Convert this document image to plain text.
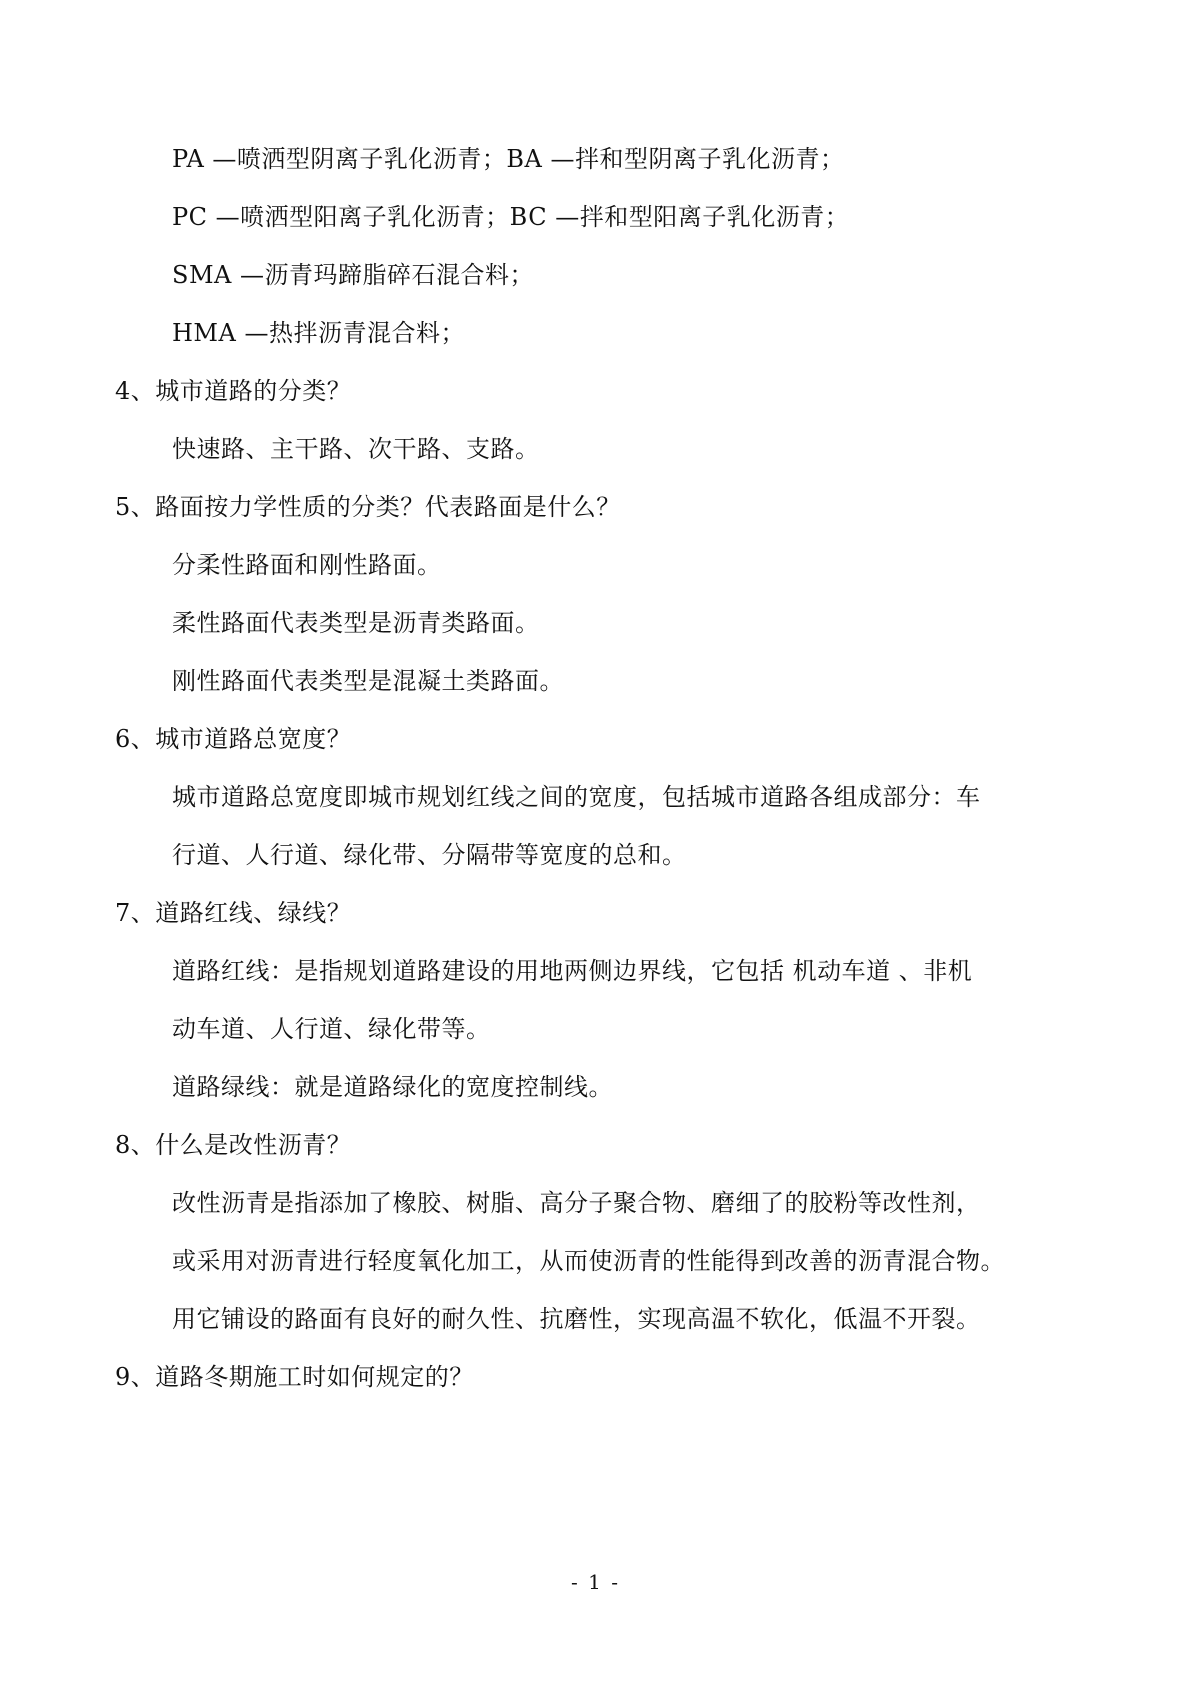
PA —喷洒型阴离子乳化沥青；BA —拌和型阴离子乳化沥青；
PC —喷洒型阳离子乳化沥青；BC —拌和型阳离子乳化沥青；
SMA —沥青玛蹄脂碎石混合料；
HMA —热拌沥青混合料；
4、城市道路的分类？
快速路、主干路、次干路、支路。
5、路面按力学性质的分类？代表路面是什么？
分柔性路面和刚性路面。
柔性路面代表类型是沥青类路面。
刚性路面代表类型是混凝土类路面。
6、城市道路总宽度？
城市道路总宽度即城市规划红线之间的宽度，包括城市道路各组成部分：车
行道、人行道、绿化带、分隔带等宽度的总和。
7、道路红线、绿线？
道路红线：是指规划道路建设的用地两侧边界线，它包括 机动车道 、非机
动车道、人行道、绿化带等。
道路绿线：就是道路绿化的宽度控制线。
8、什么是改性沥青？
改性沥青是指添加了橡胶、树脂、高分子聚合物、磨细了的胶粉等改性剂，
或采用对沥青进行轻度氧化加工，从而使沥青的性能得到改善的沥青混合物。
用它铺设的路面有良好的耐久性、抗磨性，实现高温不软化，低温不开裂。
9、道路冬期施工时如何规定的？
- 1 -
